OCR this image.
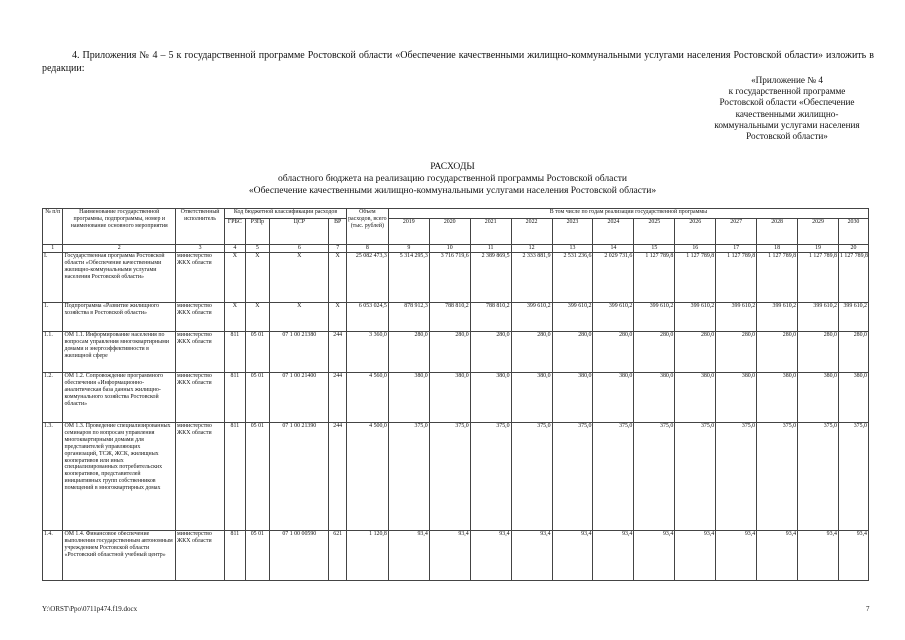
4. Приложения № 4 – 5 к государственной программе Ростовской области «Обеспечение качественными жилищно-коммунальными услугами населения Ростовской области» изложить в редакции:
«Приложение № 4
к государственной программе
Ростовской области «Обеспечение
качественными жилищно-
коммунальными услугами населения
Ростовской области»
РАСХОДЫ
областного бюджета на реализацию государственной программы Ростовской области
«Обеспечение качественными жилищно-коммунальными услугами населения Ростовской области»
№ п/п	Наименование государственной программы, подпрограммы, номер и наименование основного мероприятия	Ответственный исполнитель	Код бюджетной классификации расходов				Объем расходов, всего (тыс. рублей)	В том числе по годам реализации государственной программы											
			ГРБС	РЗПр	ЦСР	ВР		2019	2020	2021	2022	2023	2024	2025	2026	2027	2028	2029	2030
1	2	3	4	5	6	7	8	9	10	11	12	13	14	15	16	17	18	19	20
I.	Государственная программа Ростовской области «Обеспечение качественными жилищно-коммунальными услугами населения Ростовской области»	министерство ЖКХ области	X	X	X	X	25 082 473,3	5 314 295,3	3 716 719,6	2 389 869,5	2 333 881,9	2 531 236,6	2 029 731,6	1 127 789,8	1 127 789,8	1 127 789,8	1 127 789,8	1 127 789,8	1 127 789,8
1.	Подпрограмма «Развитие жилищного хозяйства в Ростовской области»	министерство ЖКХ области	X	X	X	X	6 053 024,5	878 912,3	788 810,2	788 810,2	399 610,2	399 610,2	399 610,2	399 610,2	399 610,2	399 610,2	399 610,2	399 610,2	399 610,2
1.1.	ОМ 1.1. Информирование населения по вопросам управления многоквартирными домами и энергоэффективности в жилищной сфере	министерство ЖКХ области	811	05 01	07 1 00 21380	244	3 360,0	280,0	280,0	280,0	280,0	280,0	280,0	280,0	280,0	280,0	280,0	280,0	280,0
1.2.	ОМ 1.2. Сопровождение программного обеспечения «Информационно-аналитическая база данных жилищно-коммунального хозяйства Ростовской области»	министерство ЖКХ области	811	05 01	07 1 00 21400	244	4 560,0	380,0	380,0	380,0	380,0	380,0	380,0	380,0	380,0	380,0	380,0	380,0	380,0
1.3.	ОМ 1.3. Проведение специализированных семинаров по вопросам управления многоквартирными домами для представителей управляющих организаций, ТСЖ, ЖСК, жилищных кооперативов или иных специализированных потребительских кооперативов, представителей инициативных групп собственников помещений в многоквартирных домах	министерство ЖКХ области	811	05 01	07 1 00 21390	244	4 500,0	375,0	375,0	375,0	375,0	375,0	375,0	375,0	375,0	375,0	375,0	375,0	375,0
1.4.	ОМ 1.4. Финансовое обеспечение выполнения государственным автономным учреждением Ростовской области «Ростовский областной учебный центр»	министерство ЖКХ области	811	05 01	07 1 00 00590	621	1 120,8	93,4	93,4	93,4	93,4	93,4	93,4	93,4	93,4	93,4	93,4	93,4	93,4
Y:\ORST\Ppo\0711p474.f19.docx	7
